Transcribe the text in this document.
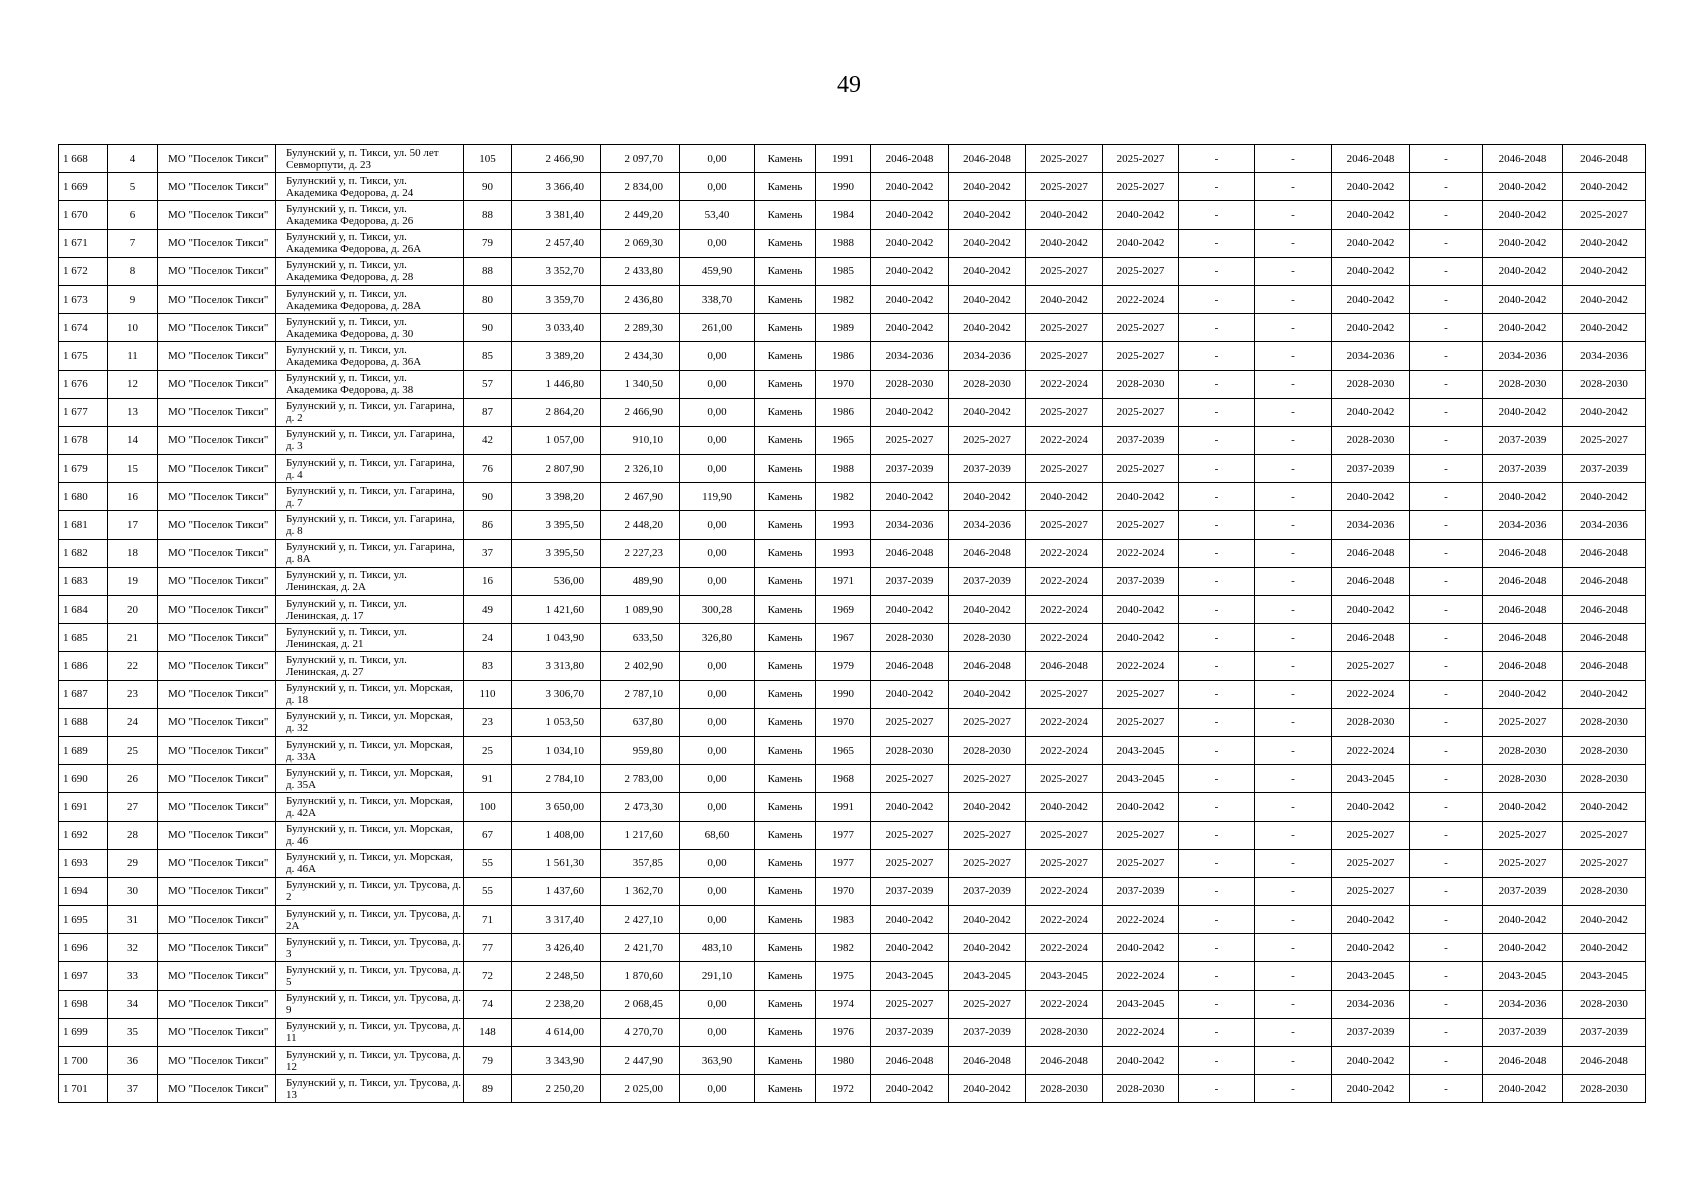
49
1 668	4	МО "Поселок Тикси"	Булунский у, п. Тикси, ул. 50 лет Севморпути, д. 23	105	2 466,90	2 097,70	0,00	Камень	1991	2046-2048	2046-2048	2025-2027	2025-2027	-	-	2046-2048	-	2046-2048	2046-2048
1 669	5	МО "Поселок Тикси"	Булунский у, п. Тикси, ул. Академика Федорова, д. 24	90	3 366,40	2 834,00	0,00	Камень	1990	2040-2042	2040-2042	2025-2027	2025-2027	-	-	2040-2042	-	2040-2042	2040-2042
1 670	6	МО "Поселок Тикси"	Булунский у, п. Тикси, ул. Академика Федорова, д. 26	88	3 381,40	2 449,20	53,40	Камень	1984	2040-2042	2040-2042	2040-2042	2040-2042	-	-	2040-2042	-	2040-2042	2025-2027
1 671	7	МО "Поселок Тикси"	Булунский у, п. Тикси, ул. Академика Федорова, д. 26А	79	2 457,40	2 069,30	0,00	Камень	1988	2040-2042	2040-2042	2040-2042	2040-2042	-	-	2040-2042	-	2040-2042	2040-2042
1 672	8	МО "Поселок Тикси"	Булунский у, п. Тикси, ул. Академика Федорова, д. 28	88	3 352,70	2 433,80	459,90	Камень	1985	2040-2042	2040-2042	2025-2027	2025-2027	-	-	2040-2042	-	2040-2042	2040-2042
1 673	9	МО "Поселок Тикси"	Булунский у, п. Тикси, ул. Академика Федорова, д. 28А	80	3 359,70	2 436,80	338,70	Камень	1982	2040-2042	2040-2042	2040-2042	2022-2024	-	-	2040-2042	-	2040-2042	2040-2042
1 674	10	МО "Поселок Тикси"	Булунский у, п. Тикси, ул. Академика Федорова, д. 30	90	3 033,40	2 289,30	261,00	Камень	1989	2040-2042	2040-2042	2025-2027	2025-2027	-	-	2040-2042	-	2040-2042	2040-2042
1 675	11	МО "Поселок Тикси"	Булунский у, п. Тикси, ул. Академика Федорова, д. 36А	85	3 389,20	2 434,30	0,00	Камень	1986	2034-2036	2034-2036	2025-2027	2025-2027	-	-	2034-2036	-	2034-2036	2034-2036
1 676	12	МО "Поселок Тикси"	Булунский у, п. Тикси, ул. Академика Федорова, д. 38	57	1 446,80	1 340,50	0,00	Камень	1970	2028-2030	2028-2030	2022-2024	2028-2030	-	-	2028-2030	-	2028-2030	2028-2030
1 677	13	МО "Поселок Тикси"	Булунский у, п. Тикси, ул. Гагарина, д. 2	87	2 864,20	2 466,90	0,00	Камень	1986	2040-2042	2040-2042	2025-2027	2025-2027	-	-	2040-2042	-	2040-2042	2040-2042
1 678	14	МО "Поселок Тикси"	Булунский у, п. Тикси, ул. Гагарина, д. 3	42	1 057,00	910,10	0,00	Камень	1965	2025-2027	2025-2027	2022-2024	2037-2039	-	-	2028-2030	-	2037-2039	2025-2027
1 679	15	МО "Поселок Тикси"	Булунский у, п. Тикси, ул. Гагарина, д. 4	76	2 807,90	2 326,10	0,00	Камень	1988	2037-2039	2037-2039	2025-2027	2025-2027	-	-	2037-2039	-	2037-2039	2037-2039
1 680	16	МО "Поселок Тикси"	Булунский у, п. Тикси, ул. Гагарина, д. 7	90	3 398,20	2 467,90	119,90	Камень	1982	2040-2042	2040-2042	2040-2042	2040-2042	-	-	2040-2042	-	2040-2042	2040-2042
1 681	17	МО "Поселок Тикси"	Булунский у, п. Тикси, ул. Гагарина, д. 8	86	3 395,50	2 448,20	0,00	Камень	1993	2034-2036	2034-2036	2025-2027	2025-2027	-	-	2034-2036	-	2034-2036	2034-2036
1 682	18	МО "Поселок Тикси"	Булунский у, п. Тикси, ул. Гагарина, д. 8А	37	3 395,50	2 227,23	0,00	Камень	1993	2046-2048	2046-2048	2022-2024	2022-2024	-	-	2046-2048	-	2046-2048	2046-2048
1 683	19	МО "Поселок Тикси"	Булунский у, п. Тикси, ул. Ленинская, д. 2А	16	536,00	489,90	0,00	Камень	1971	2037-2039	2037-2039	2022-2024	2037-2039	-	-	2046-2048	-	2046-2048	2046-2048
1 684	20	МО "Поселок Тикси"	Булунский у, п. Тикси, ул. Ленинская, д. 17	49	1 421,60	1 089,90	300,28	Камень	1969	2040-2042	2040-2042	2022-2024	2040-2042	-	-	2040-2042	-	2046-2048	2046-2048
1 685	21	МО "Поселок Тикси"	Булунский у, п. Тикси, ул. Ленинская, д. 21	24	1 043,90	633,50	326,80	Камень	1967	2028-2030	2028-2030	2022-2024	2040-2042	-	-	2046-2048	-	2046-2048	2046-2048
1 686	22	МО "Поселок Тикси"	Булунский у, п. Тикси, ул. Ленинская, д. 27	83	3 313,80	2 402,90	0,00	Камень	1979	2046-2048	2046-2048	2046-2048	2022-2024	-	-	2025-2027	-	2046-2048	2046-2048
1 687	23	МО "Поселок Тикси"	Булунский у, п. Тикси, ул. Морская, д. 18	110	3 306,70	2 787,10	0,00	Камень	1990	2040-2042	2040-2042	2025-2027	2025-2027	-	-	2022-2024	-	2040-2042	2040-2042
1 688	24	МО "Поселок Тикси"	Булунский у, п. Тикси, ул. Морская, д. 32	23	1 053,50	637,80	0,00	Камень	1970	2025-2027	2025-2027	2022-2024	2025-2027	-	-	2028-2030	-	2025-2027	2028-2030
1 689	25	МО "Поселок Тикси"	Булунский у, п. Тикси, ул. Морская, д. 33А	25	1 034,10	959,80	0,00	Камень	1965	2028-2030	2028-2030	2022-2024	2043-2045	-	-	2022-2024	-	2028-2030	2028-2030
1 690	26	МО "Поселок Тикси"	Булунский у, п. Тикси, ул. Морская, д. 35А	91	2 784,10	2 783,00	0,00	Камень	1968	2025-2027	2025-2027	2025-2027	2043-2045	-	-	2043-2045	-	2028-2030	2028-2030
1 691	27	МО "Поселок Тикси"	Булунский у, п. Тикси, ул. Морская, д. 42А	100	3 650,00	2 473,30	0,00	Камень	1991	2040-2042	2040-2042	2040-2042	2040-2042	-	-	2040-2042	-	2040-2042	2040-2042
1 692	28	МО "Поселок Тикси"	Булунский у, п. Тикси, ул. Морская, д. 46	67	1 408,00	1 217,60	68,60	Камень	1977	2025-2027	2025-2027	2025-2027	2025-2027	-	-	2025-2027	-	2025-2027	2025-2027
1 693	29	МО "Поселок Тикси"	Булунский у, п. Тикси, ул. Морская, д. 46А	55	1 561,30	357,85	0,00	Камень	1977	2025-2027	2025-2027	2025-2027	2025-2027	-	-	2025-2027	-	2025-2027	2025-2027
1 694	30	МО "Поселок Тикси"	Булунский у, п. Тикси, ул. Трусова, д. 2	55	1 437,60	1 362,70	0,00	Камень	1970	2037-2039	2037-2039	2022-2024	2037-2039	-	-	2025-2027	-	2037-2039	2028-2030
1 695	31	МО "Поселок Тикси"	Булунский у, п. Тикси, ул. Трусова, д. 2А	71	3 317,40	2 427,10	0,00	Камень	1983	2040-2042	2040-2042	2022-2024	2022-2024	-	-	2040-2042	-	2040-2042	2040-2042
1 696	32	МО "Поселок Тикси"	Булунский у, п. Тикси, ул. Трусова, д. 3	77	3 426,40	2 421,70	483,10	Камень	1982	2040-2042	2040-2042	2022-2024	2040-2042	-	-	2040-2042	-	2040-2042	2040-2042
1 697	33	МО "Поселок Тикси"	Булунский у, п. Тикси, ул. Трусова, д. 5	72	2 248,50	1 870,60	291,10	Камень	1975	2043-2045	2043-2045	2043-2045	2022-2024	-	-	2043-2045	-	2043-2045	2043-2045
1 698	34	МО "Поселок Тикси"	Булунский у, п. Тикси, ул. Трусова, д. 9	74	2 238,20	2 068,45	0,00	Камень	1974	2025-2027	2025-2027	2022-2024	2043-2045	-	-	2034-2036	-	2034-2036	2028-2030
1 699	35	МО "Поселок Тикси"	Булунский у, п. Тикси, ул. Трусова, д. 11	148	4 614,00	4 270,70	0,00	Камень	1976	2037-2039	2037-2039	2028-2030	2022-2024	-	-	2037-2039	-	2037-2039	2037-2039
1 700	36	МО "Поселок Тикси"	Булунский у, п. Тикси, ул. Трусова, д. 12	79	3 343,90	2 447,90	363,90	Камень	1980	2046-2048	2046-2048	2046-2048	2040-2042	-	-	2040-2042	-	2046-2048	2046-2048
1 701	37	МО "Поселок Тикси"	Булунский у, п. Тикси, ул. Трусова, д. 13	89	2 250,20	2 025,00	0,00	Камень	1972	2040-2042	2040-2042	2028-2030	2028-2030	-	-	2040-2042	-	2040-2042	2028-2030
